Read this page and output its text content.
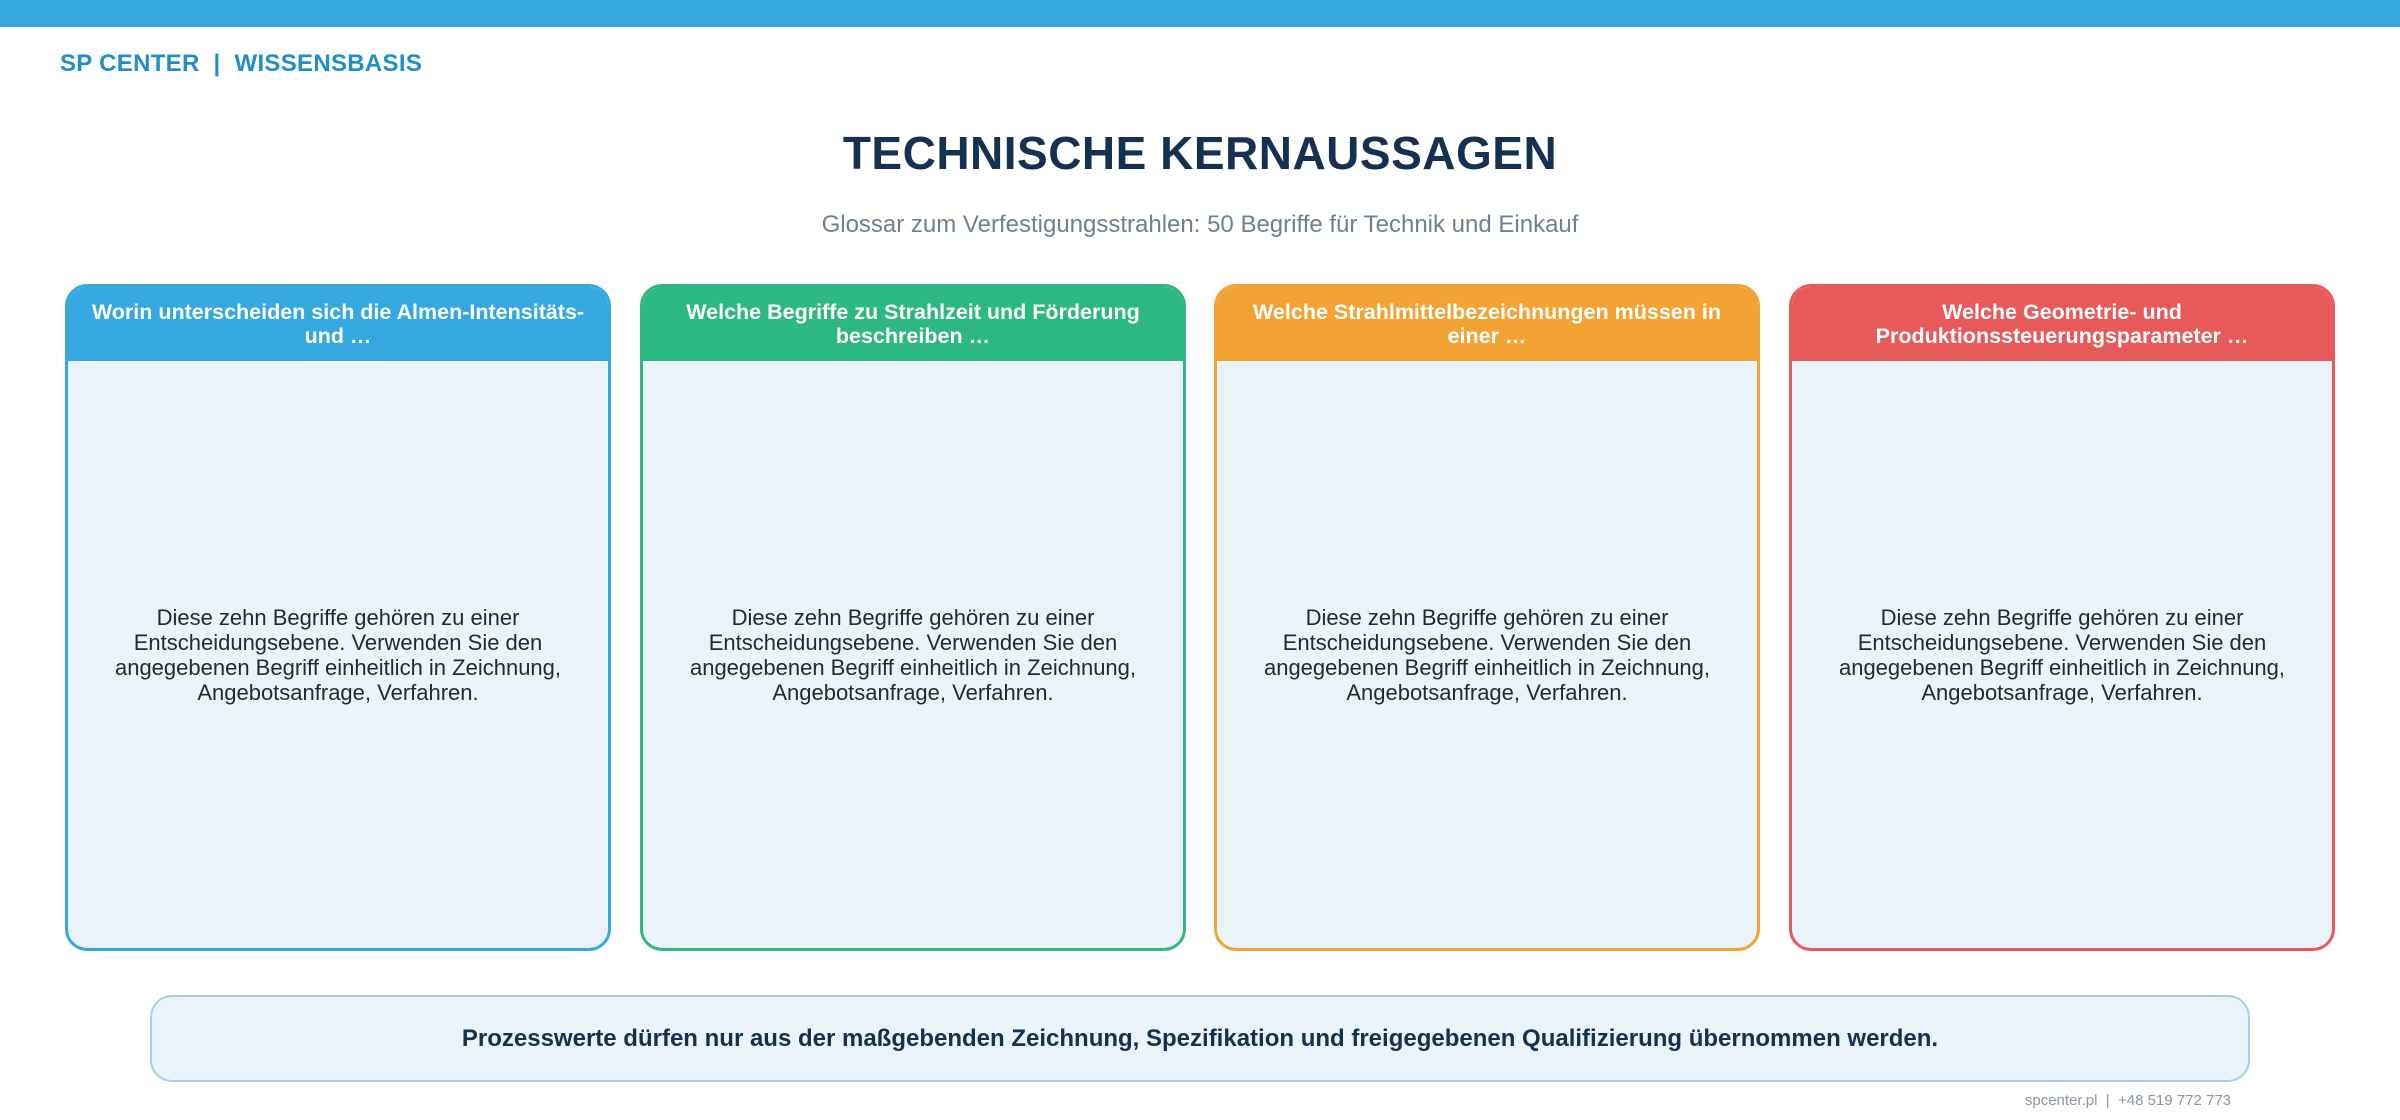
SP CENTER  |  WISSENSBASIS
TECHNISCHE KERNAUSSAGEN
Glossar zum Verfestigungsstrahlen: 50 Begriffe für Technik und Einkauf
Worin unterscheiden sich die Almen-Intensitäts- und …
Diese zehn Begriffe gehören zu einer Entscheidungsebene. Verwenden Sie den angegebenen Begriff einheitlich in Zeichnung, Angebotsanfrage, Verfahren.
Welche Begriffe zu Strahlzeit und Förderung beschreiben …
Diese zehn Begriffe gehören zu einer Entscheidungsebene. Verwenden Sie den angegebenen Begriff einheitlich in Zeichnung, Angebotsanfrage, Verfahren.
Welche Strahlmittelbezeichnungen müssen in einer …
Diese zehn Begriffe gehören zu einer Entscheidungsebene. Verwenden Sie den angegebenen Begriff einheitlich in Zeichnung, Angebotsanfrage, Verfahren.
Welche Geometrie- und Produktionssteuerungsparameter …
Diese zehn Begriffe gehören zu einer Entscheidungsebene. Verwenden Sie den angegebenen Begriff einheitlich in Zeichnung, Angebotsanfrage, Verfahren.
Prozesswerte dürfen nur aus der maßgebenden Zeichnung, Spezifikation und freigegebenen Qualifizierung übernommen werden.
spcenter.pl  |  +48 519 772 773
